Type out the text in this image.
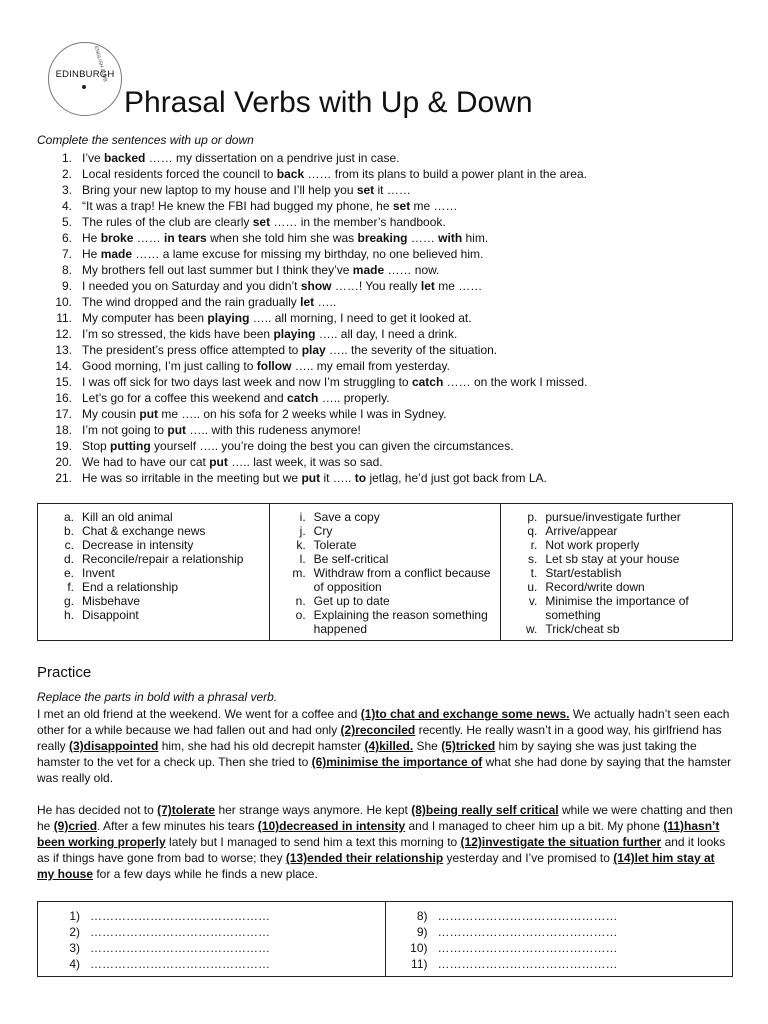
EDINBURGH
ENGLISH CLUB
Phrasal Verbs with Up & Down
Complete the sentences with up or down
1. I’ve backed …… my dissertation on a pendrive just in case.
2. Local residents forced the council to back …… from its plans to build a power plant in the area.
3. Bring your new laptop to my house and I’ll help you set it ……
4. “It was a trap! He knew the FBI had bugged my phone, he set me ……
5. The rules of the club are clearly set …… in the member’s handbook.
6. He broke …… in tears when she told him she was breaking …… with him.
7. He made …… a lame excuse for missing my birthday, no one believed him.
8. My brothers fell out last summer but I think they’ve made …… now.
9. I needed you on Saturday and you didn’t show ……! You really let me ……
10. The wind dropped and the rain gradually let …..
11. My computer has been playing ….. all morning, I need to get it looked at.
12. I’m so stressed, the kids have been playing ….. all day, I need a drink.
13. The president’s press office attempted to play ….. the severity of the situation.
14. Good morning, I’m just calling to follow ….. my email from yesterday.
15. I was off sick for two days last week and now I’m struggling to catch …… on the work I missed.
16. Let’s go for a coffee this weekend and catch ….. properly.
17. My cousin put me ….. on his sofa for 2 weeks while I was in Sydney.
18. I’m not going to put ….. with this rudeness anymore!
19. Stop putting yourself ….. you’re doing the best you can given the circumstances.
20. We had to have our cat put ….. last week, it was so sad.
21. He was so irritable in the meeting but we put it ….. to jetlag, he’d just got back from LA.
a. Kill an old animal
b. Chat & exchange news
c. Decrease in intensity
d. Reconcile/repair a relationship
e. Invent
f. End a relationship
g. Misbehave
h. Disappoint
i. Save a copy
j. Cry
k. Tolerate
l. Be self-critical
m. Withdraw from a conflict because of opposition
n. Get up to date
o. Explaining the reason something happened
p. pursue/investigate further
q. Arrive/appear
r. Not work properly
s. Let sb stay at your house
t. Start/establish
u. Record/write down
v. Minimise the importance of something
w. Trick/cheat sb
Practice
Replace the parts in bold with a phrasal verb.

I met an old friend at the weekend. We went for a coffee and (1)to chat and exchange some news. We actually hadn’t seen each other for a while because we had fallen out and had only (2)reconciled recently. He really wasn’t in a good way, his girlfriend has really (3)disappointed him, she had his old decrepit hamster (4)killed. She (5)tricked him by saying she was just taking the hamster to the vet for a check up. Then she tried to (6)minimise the importance of what she had done by saying that the hamster was really old.

He has decided not to (7)tolerate her strange ways anymore. He kept (8)being really self critical while we were chatting and then he (9)cried. After a few minutes his tears (10)decreased in intensity and I managed to cheer him up a bit. My phone (11)hasn’t been working properly lately but I managed to send him a text this morning to (12)investigate the situation further and it looks as if things have gone from bad to worse; they (13)ended their relationship yesterday and I’ve promised to (14)let him stay at my house for a few days while he finds a new place.

1) ………………………………………
2) ………………………………………
3) ………………………………………
4) ………………………………………
8) ………………………………………
9) ………………………………………
10) ………………………………………
11) ………………………………………
